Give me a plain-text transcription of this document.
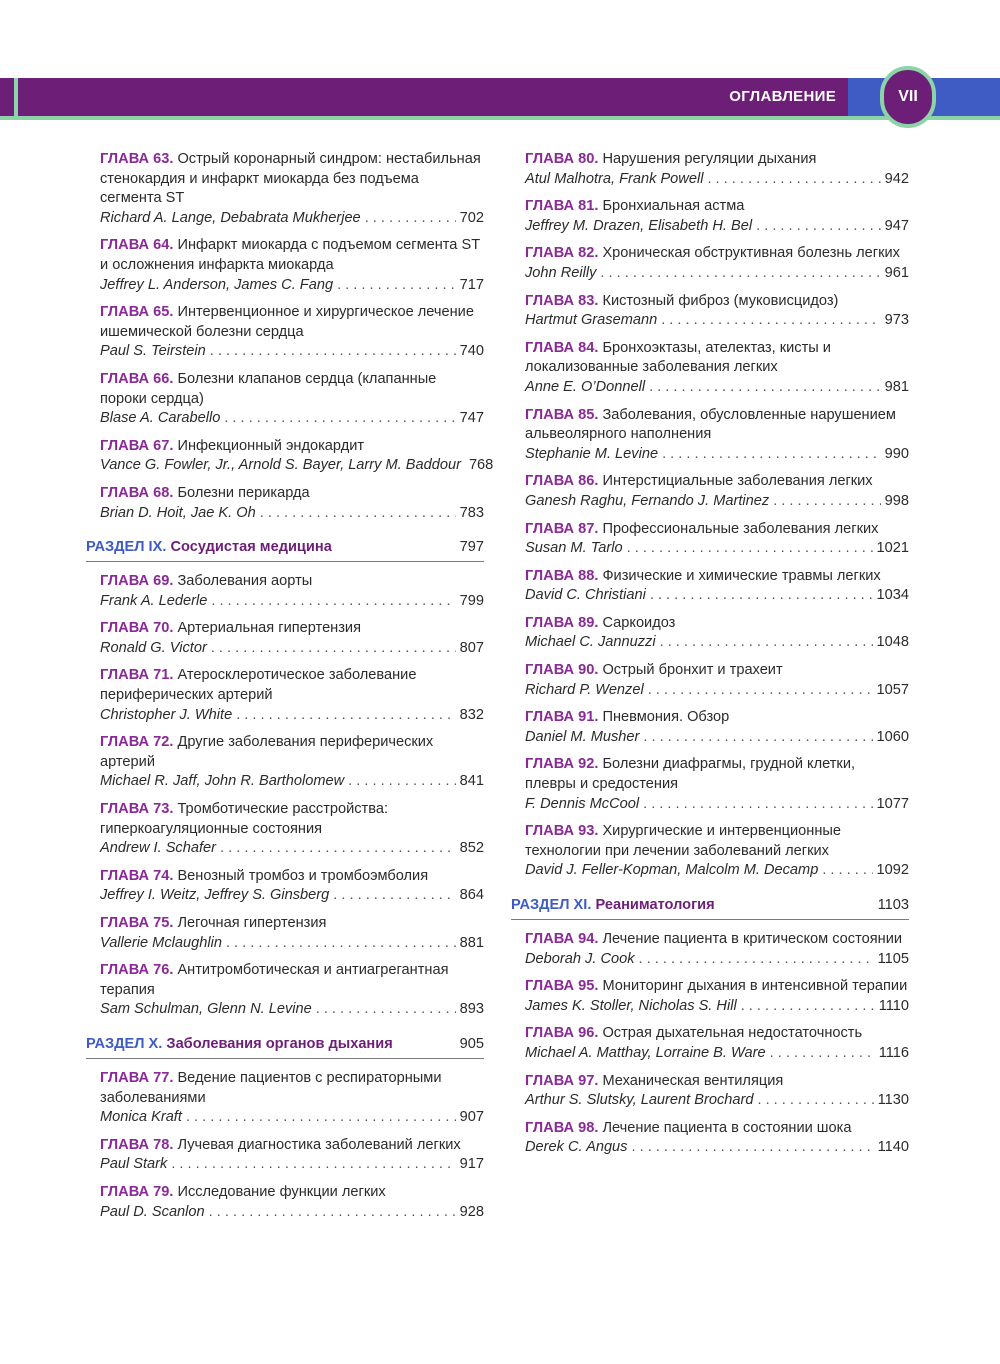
ОГЛАВЛЕНИЕ	VII
ГЛАВА 63. Острый коронарный синдром: нестабильная стенокардия и инфаркт миокарда без подъема сегмента ST
Richard A. Lange, Debabrata Mukherjee . . .	702
ГЛАВА 64. Инфаркт миокарда с подъемом сегмента ST и осложнения инфаркта миокарда
Jeffrey L. Anderson, James C. Fang . . .	717
ГЛАВА 65. Интервенционное и хирургическое лечение ишемической болезни сердца
Paul S. Teirstein . . .	740
ГЛАВА 66. Болезни клапанов сердца (клапанные пороки сердца)
Blase A. Carabello . . .	747
ГЛАВА 67. Инфекционный эндокардит
Vance G. Fowler, Jr., Arnold S. Bayer, Larry M. Baddour 768
ГЛАВА 68. Болезни перикарда
Brian D. Hoit, Jae K. Oh . . .	783
РАЗДЕЛ IX. Сосудистая медицина	797
ГЛАВА 69. Заболевания аорты
Frank A. Lederle . . .	799
ГЛАВА 70. Артериальная гипертензия
Ronald G. Victor . . .	807
ГЛАВА 71. Атеросклеротическое заболевание периферических артерий
Christopher J. White . . .	832
ГЛАВА 72. Другие заболевания периферических артерий
Michael R. Jaff, John R. Bartholomew . . .	841
ГЛАВА 73. Тромботические расстройства: гиперкоагуляционные состояния
Andrew I. Schafer . . .	852
ГЛАВА 74. Венозный тромбоз и тромбоэмболия
Jeffrey I. Weitz, Jeffrey S. Ginsberg . . .	864
ГЛАВА 75. Легочная гипертензия
Vallerie Mclaughlin . . .	881
ГЛАВА 76. Антитромботическая и антиагрегантная терапия
Sam Schulman, Glenn N. Levine . . .	893
РАЗДЕЛ X. Заболевания органов дыхания	905
ГЛАВА 77. Ведение пациентов с респираторными заболеваниями
Monica Kraft . . .	907
ГЛАВА 78. Лучевая диагностика заболеваний легких
Paul Stark . . .	917
ГЛАВА 79. Исследование функции легких
Paul D. Scanlon . . .	928
ГЛАВА 80. Нарушения регуляции дыхания
Atul Malhotra, Frank Powell . . .	942
ГЛАВА 81. Бронхиальная астма
Jeffrey M. Drazen, Elisabeth H. Bel . . .	947
ГЛАВА 82. Хроническая обструктивная болезнь легких
John Reilly . . .	961
ГЛАВА 83. Кистозный фиброз (муковисцидоз)
Hartmut Grasemann . . .	973
ГЛАВА 84. Бронхоэктазы, ателектаз, кисты и локализованные заболевания легких
Anne E. O’Donnell . . .	981
ГЛАВА 85. Заболевания, обусловленные нарушением альвеолярного наполнения
Stephanie M. Levine . . .	990
ГЛАВА 86. Интерстициальные заболевания легких
Ganesh Raghu, Fernando J. Martinez . . .	998
ГЛАВА 87. Профессиональные заболевания легких
Susan M. Tarlo . . .	1021
ГЛАВА 88. Физические и химические травмы легких
David C. Christiani . . .	1034
ГЛАВА 89. Саркоидоз
Michael C. Jannuzzi . . .	1048
ГЛАВА 90. Острый бронхит и трахеит
Richard P. Wenzel . . .	1057
ГЛАВА 91. Пневмония. Обзор
Daniel M. Musher . . .	1060
ГЛАВА 92. Болезни диафрагмы, грудной клетки, плевры и средостения
F. Dennis McCool . . .	1077
ГЛАВА 93. Хирургические и интервенционные технологии при лечении заболеваний легких
David J. Feller-Kopman, Malcolm M. Decamp . . .	1092
РАЗДЕЛ XI. Реаниматология	1103
ГЛАВА 94. Лечение пациента в критическом состоянии
Deborah J. Cook . . .	1105
ГЛАВА 95. Мониторинг дыхания в интенсивной терапии
James K. Stoller, Nicholas S. Hill . . .	1110
ГЛАВА 96. Острая дыхательная недостаточность
Michael A. Matthay, Lorraine B. Ware . . .	1116
ГЛАВА 97. Механическая вентиляция
Arthur S. Slutsky, Laurent Brochard . . .	1130
ГЛАВА 98. Лечение пациента в состоянии шока
Derek C. Angus . . .	1140
